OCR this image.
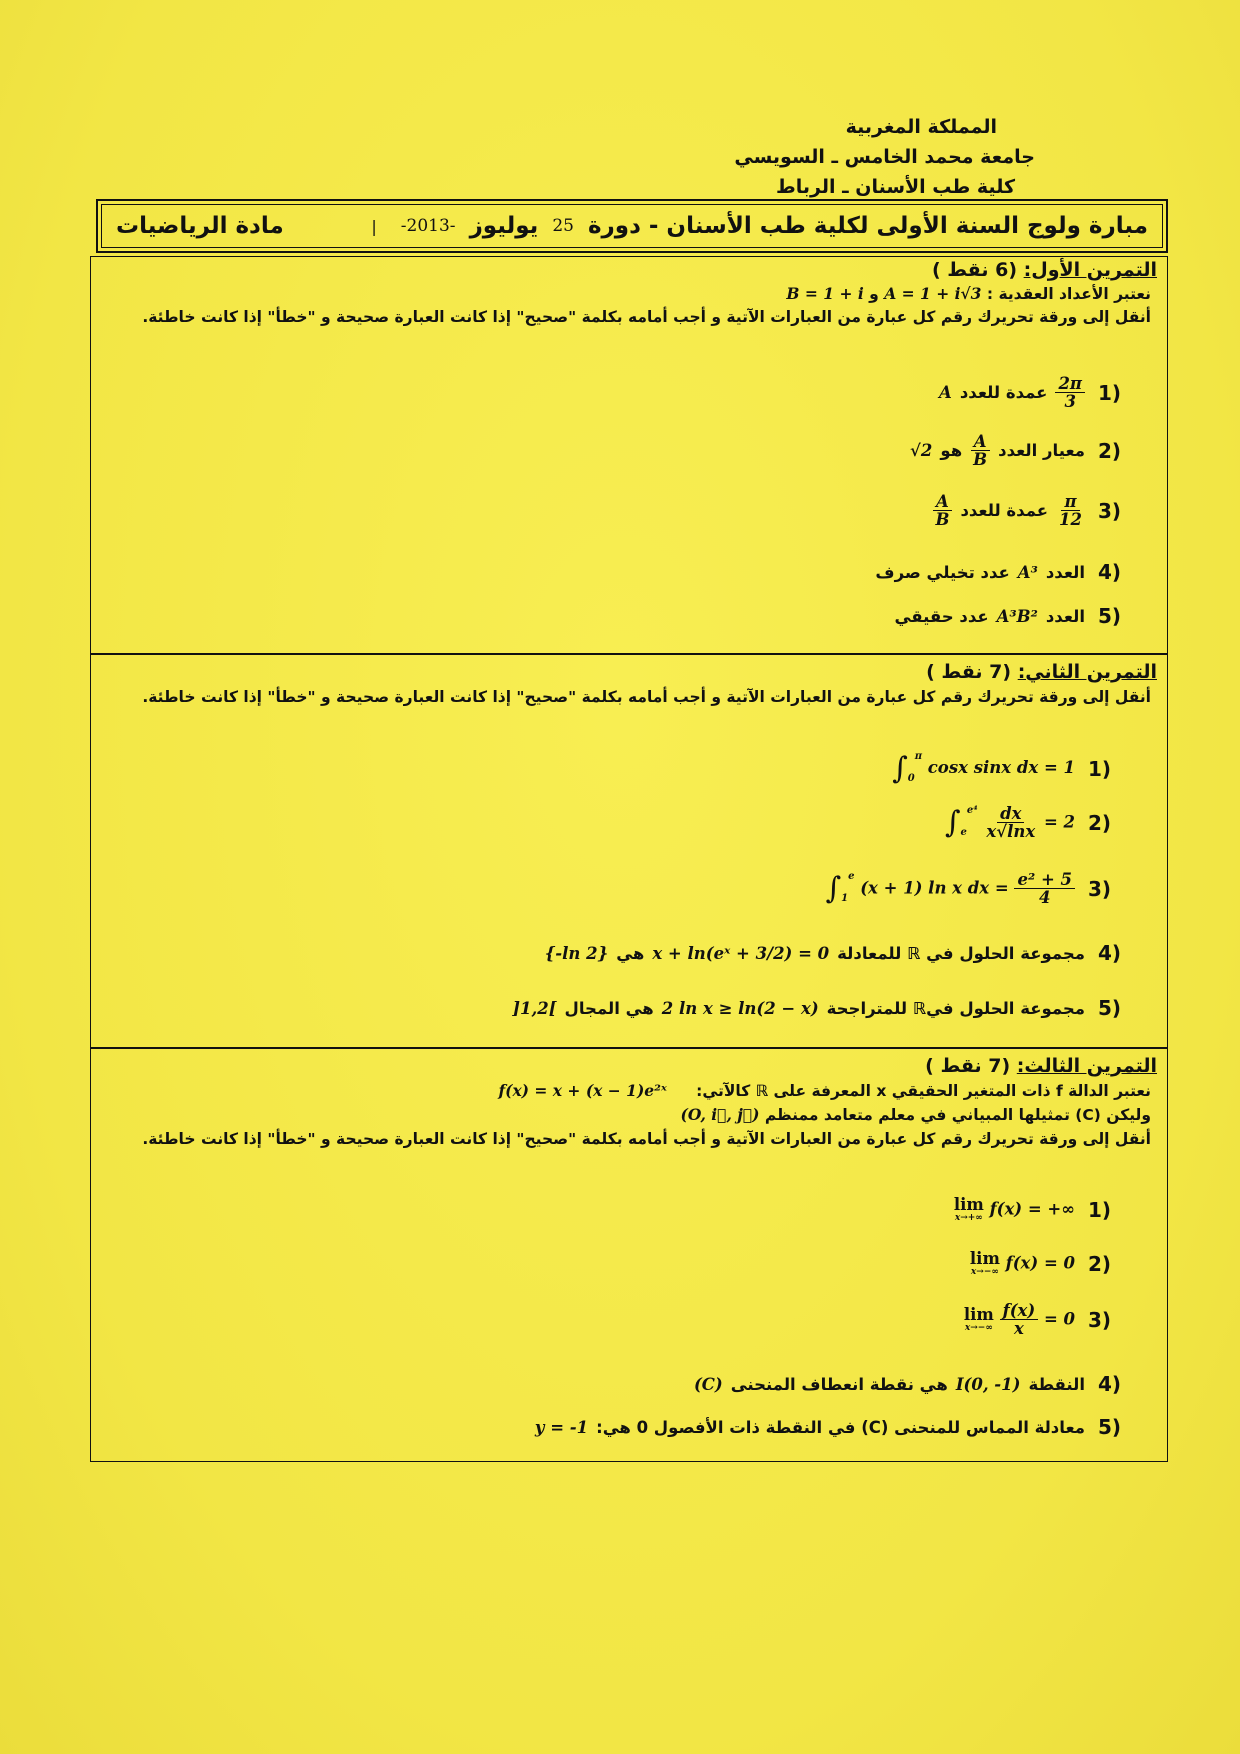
المملكة المغربية
جامعة محمد الخامس ـ السويسي
كلية طب الأسنان ـ الرباط
مبارة ولوج السنة الأولى لكلية طب الأسنان - دورة
25
يوليوز
-2013-
|
مادة الرياضيات
التمرين الأول: (6 نقط )
نعتبر الأعداد العقدية : A = 1 + i√3 و B = 1 + i
أنقل إلى ورقة تحريرك رقم كل عبارة من العبارات الآتية و أجب أمامه بكلمة "صحيح" إذا كانت العبارة صحيحة و "خطأ" إذا كانت خاطئة.
(1
$\frac{2\pi}{3}$
عمدة للعدد
A
(2
معيار العدد
$\frac{A}{B}$
هو
√2
(3
$\frac{\pi}{12}$
عمدة للعدد
$\frac{A}{B}$
(4
العدد
A³
عدد تخيلي صرف
(5
العدد
A³B²
عدد حقيقي
التمرين الثاني: (7 نقط )
أنقل إلى ورقة تحريرك رقم كل عبارة من العبارات الآتية و أجب أمامه بكلمة "صحيح" إذا كانت العبارة صحيحة و "خطأ" إذا كانت خاطئة.
(1
$\int_0^\pi$ cosx sinx dx = 1
(2
$\int_e^{e^4} \frac{dx}{x√\ln x} = 2$
(3
$\int_1^e$ (x + 1) ln x dx = $\frac{\text{e² + 5}}{4}$
(4
مجموعة الحلول في ℝ للمعادلة
x + ln(eˣ + 3/2) = 0
هي
{-ln 2}
(5
مجموعة الحلول فيℝ للمتراجحة
2 ln x ≥ ln(2 − x)
هي المجال
]1,2[
التمرين الثالث: (7 نقط )
نعتبر الدالة f ذات المتغير الحقيقي x المعرفة على ℝ كالآتي: f(x) = x + (x − 1)e²ˣ
وليكن (C) تمثيلها المبياني في معلم متعامد ممنظم (O, i⃗, j⃗)
أنقل إلى ورقة تحريرك رقم كل عبارة من العبارات الآتية و أجب أمامه بكلمة "صحيح" إذا كانت العبارة صحيحة و "خطأ" إذا كانت خاطئة.
(1
lim
x→+∞ f(x) = +∞
(2
lim
x→−∞ f(x) = 0
(3
lim
x→−∞
$\frac{f(x)}{x} = 0$
(4
النقطة
I(0, -1)
هي نقطة انعطاف المنحنى
(C)
(5
معادلة المماس للمنحنى (C) في النقطة ذات الأفصول 0 هي:
y = -1
